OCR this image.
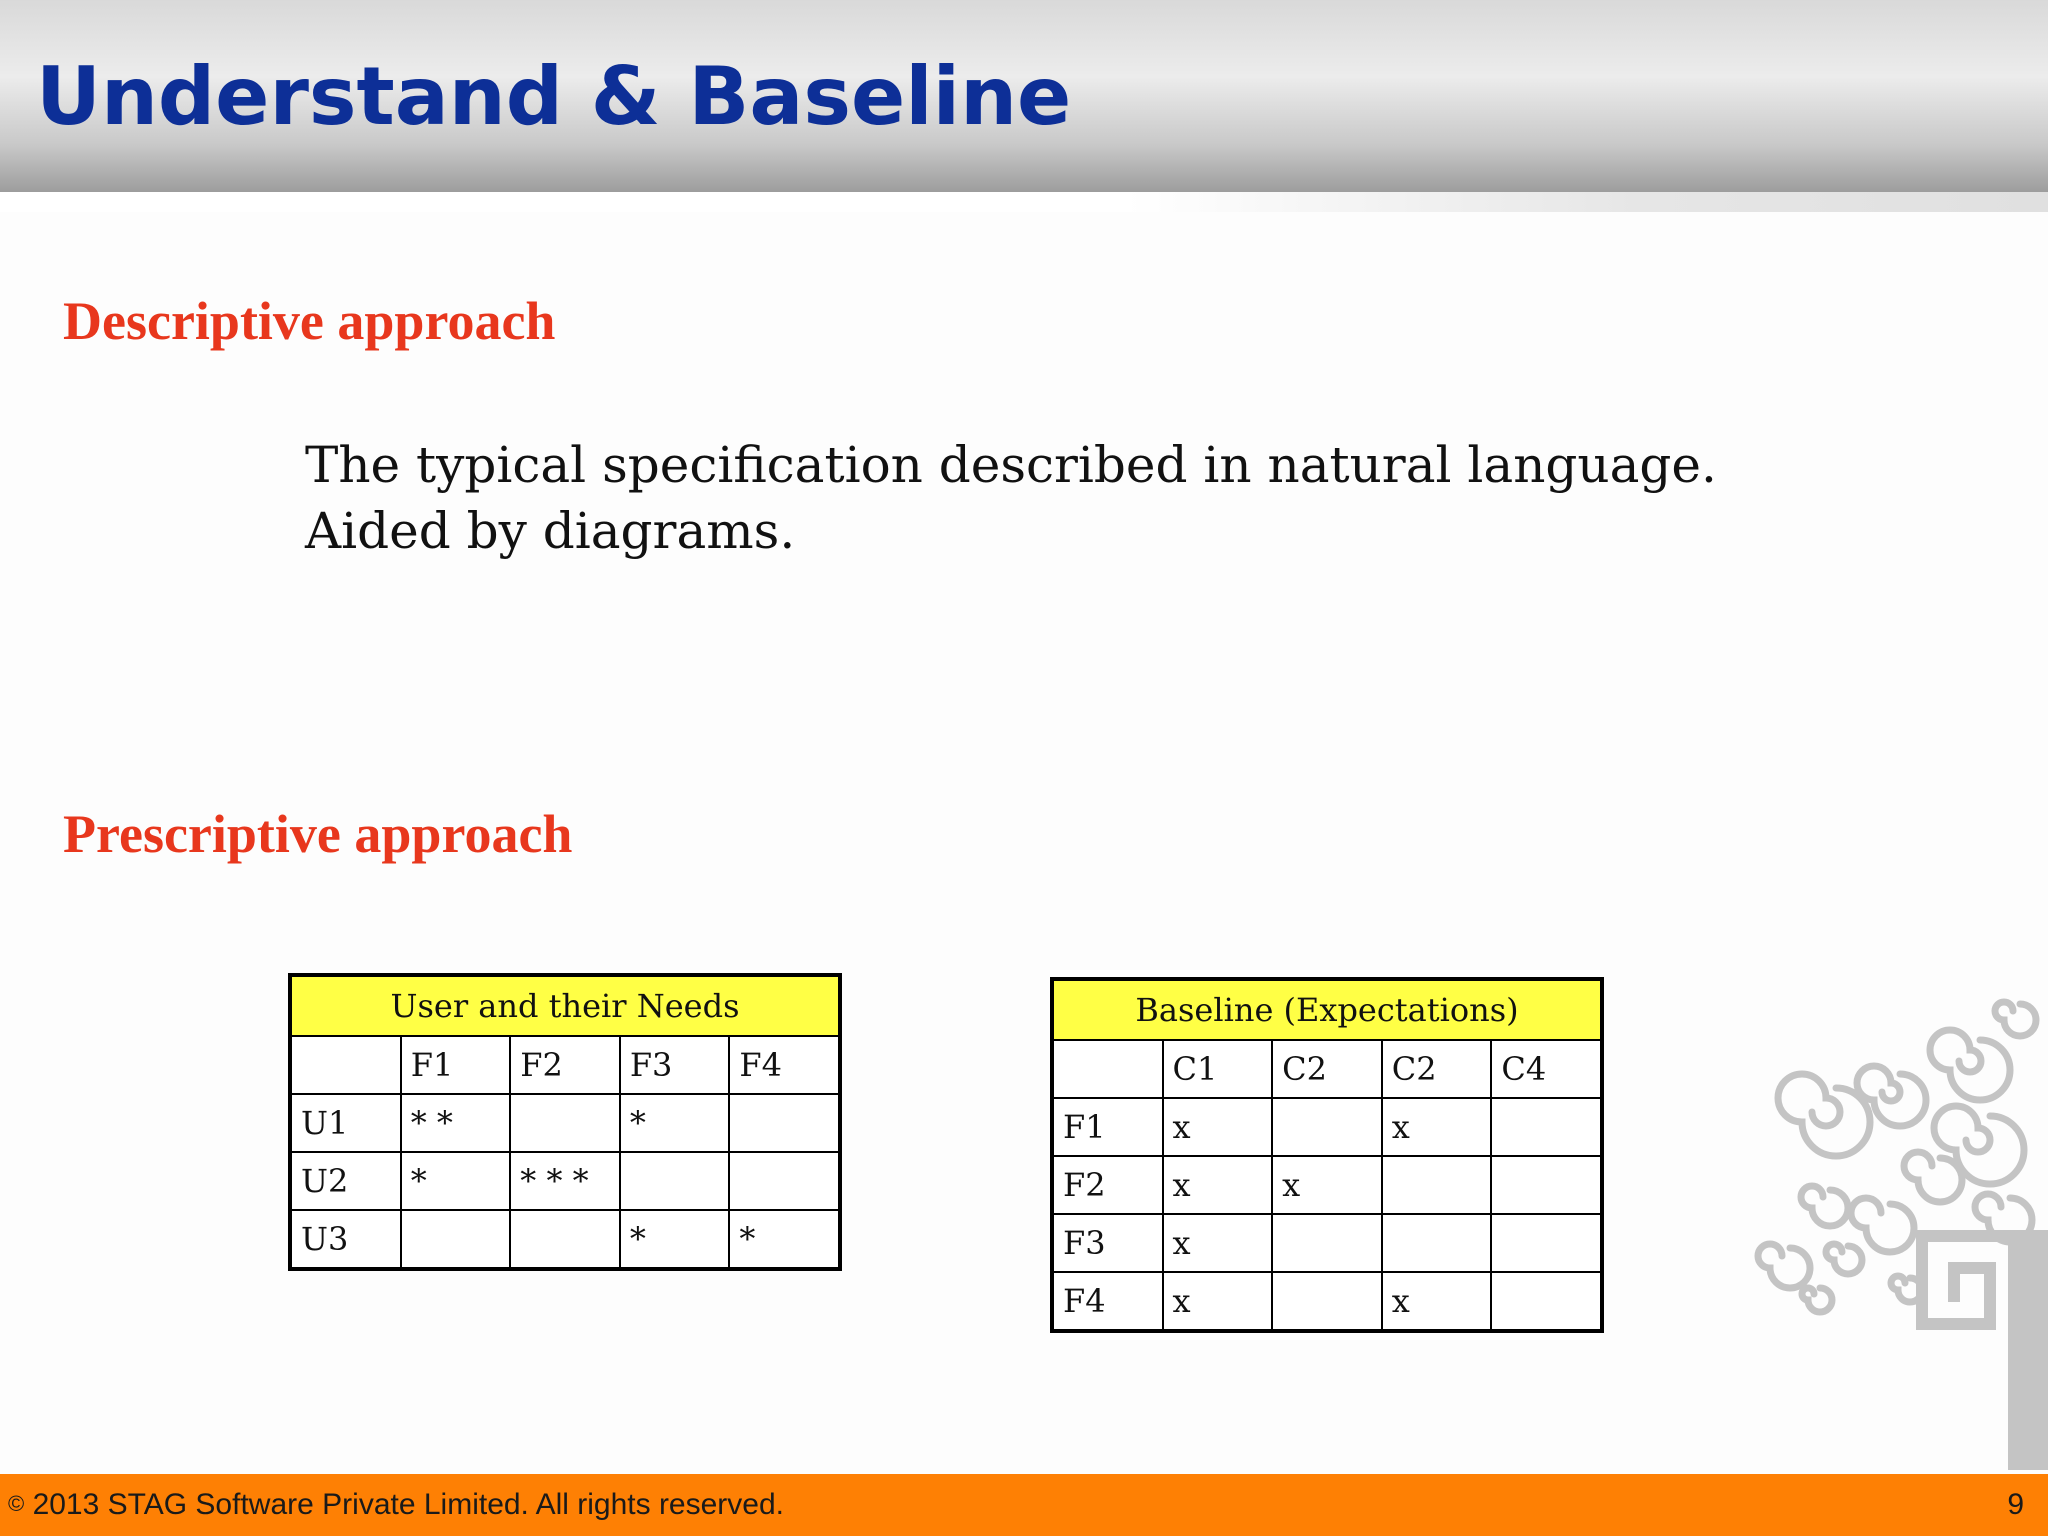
Understand & Baseline
Descriptive approach
The typical specification described in natural language.
Aided by diagrams.
Prescriptive approach
User and their Needs				
	F1	F2	F3	F4
U1	* *		*	
U2	*	* * *		
U3			*	*
Baseline (Expectations)				
	C1	C2	C2	C4
F1	x		x	
F2	x	x		
F3	x			
F4	x		x	
© 2013 STAG Software Private Limited. All rights reserved.	9
